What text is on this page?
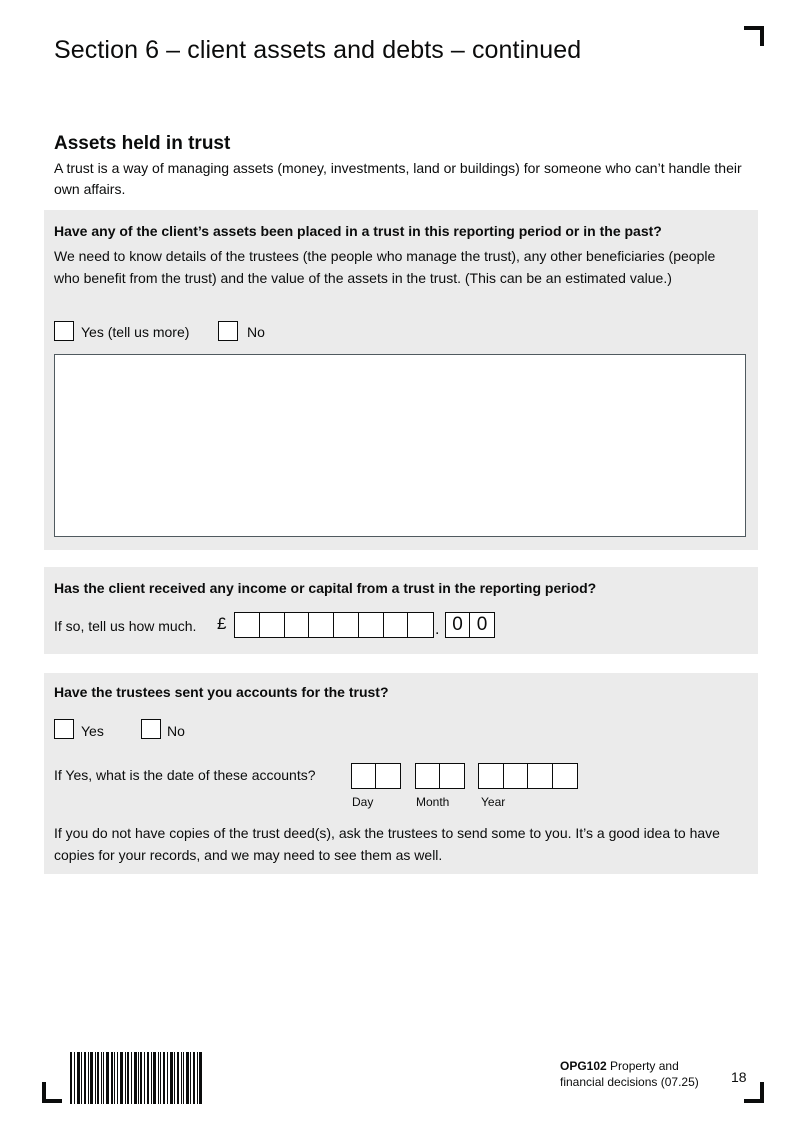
Section 6 – client assets and debts – continued
Assets held in trust
A trust is a way of managing assets (money, investments, land or buildings) for someone who can’t handle their own affairs.
Have any of the client’s assets been placed in a trust in this reporting period or in the past?
We need to know details of the trustees (the people who manage the trust), any other beneficiaries (people who benefit from the trust) and the value of the assets in the trust. (This can be an estimated value.)
Yes (tell us more)	No
Has the client received any income or capital from a trust in the reporting period?
If so, tell us how much. £	. 0 0
Have the trustees sent you accounts for the trust?
Yes	No
If Yes, what is the date of these accounts?
Day	Month	Year
If you do not have copies of the trust deed(s), ask the trustees to send some to you. It’s a good idea to have copies for your records, and we may need to see them as well.
OPG102 Property and financial decisions (07.25)	18
